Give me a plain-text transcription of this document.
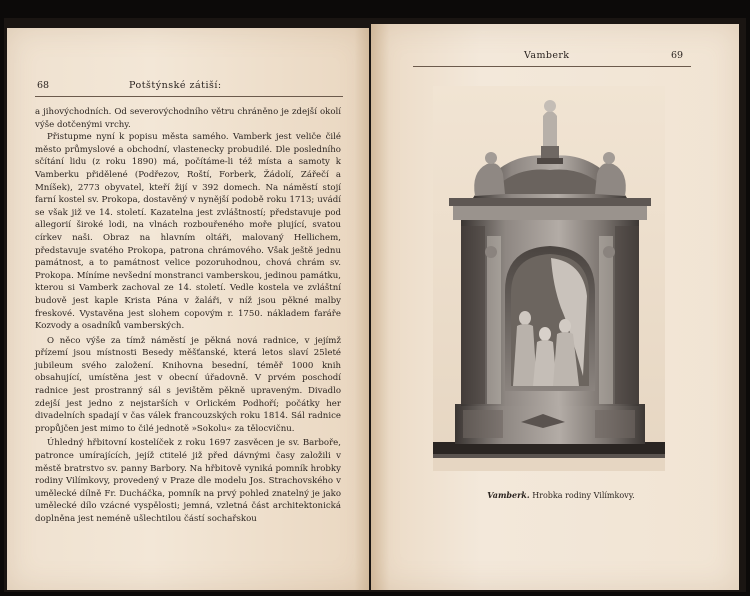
68	Potštýnské zátiší:

a jihovýchodních. Od severovýchodního větru chráněno je zdejší okolí výše dotčenými vrchy.

Přistupme nyní k popisu města samého. Vamberk jest veliče čilé město průmyslové a obchodní, vlastenecky probudilé. Dle posledního sčítání lidu (z roku 1890) má, počítáme-li též místa a samoty k Vamberku přidělené (Podřezov, Roští, Forberk, Žádolí, Zářečí a Mníšek), 2773 obyvatel, kteří žijí v 392 domech. Na náměstí stojí farní kostel sv. Prokopa, dostavěný v nynější podobě roku 1713; uvádí se však již ve 14. století. Kazatelna jest zvláštností; představuje pod allegorií široké lodi, na vlnách rozbouřeného moře plující, svatou církev naši. Obraz na hlavním oltáři, malovaný Hellichem, představuje svatého Prokopa, patrona chrámového. Však ještě jednu památnost, a to památnost velice pozoruhodnou, chová chrám sv. Prokopa. Míníme nevšední monstranci vamberskou, jedinou památku, kterou si Vamberk zachoval ze 14. století. Vedle kostela ve zvláštní budově jest kaple Krista Pána v žaláři, v níž jsou pěkné malby freskové. Vystavěna jest slohem copovým r. 1750. nákladem faráře Kozvody a osadníků vamberských.

O něco výše za tímž náměstí je pěkná nová radnice, v jejímž přízemí jsou místnosti Besedy měšťanské, která letos slaví 25leté jubileum svého založení. Knihovna besední, téměř 1000 knih obsahující, umístěna jest v obecní úřadovně. V prvém poschodí radnice jest prostranný sál s jevištěm pěkně upraveným. Divadlo zdejší jest jedno z nejstarších v Orlickém Podhoří; počátky her divadelních spadají v čas válek francouzských roku 1814. Sál radnice propůjčen jest mimo to čilé jednotě »Sokolu« za tělocvičnu.

Úhledný hřbitovní kostelíček z roku 1697 zasvěcen je sv. Barboře, patronce umírajících, jejíž ctitelé již před dávnými časy založili v městě bratrstvo sv. panny Barbory. Na hřbitově vyniká pomník hrobky rodiny Vilímkovy, provedený v Praze dle modelu Jos. Strachovského v umělecké dílně Fr. Ducháčka, pomník na prvý pohled znatelný je jako umělecké dílo vzácné vyspělosti; jemná, vzletná část architektonická doplněna jest neméně ušlechtilou částí sochařskou

Vamberk	69
Vamberk. Hrobka rodiny Vilímkovy.
